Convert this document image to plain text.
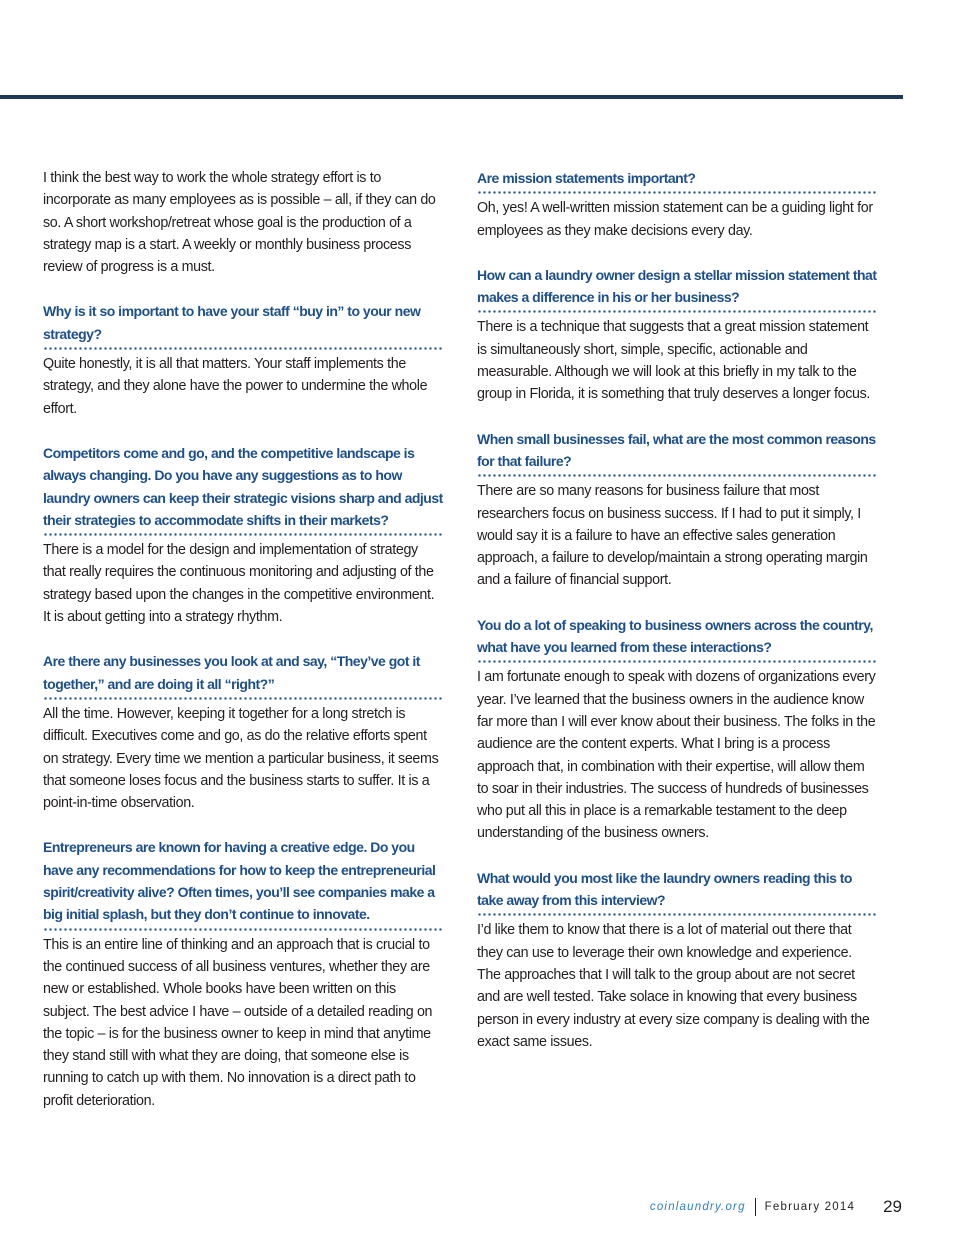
I think the best way to work the whole strategy effort is to incorporate as many employees as is possible – all, if they can do so. A short workshop/retreat whose goal is the production of a strategy map is a start. A weekly or monthly business process review of progress is a must.

Why is it so important to have your staff “buy in” to your new strategy?

Quite honestly, it is all that matters. Your staff implements the strategy, and they alone have the power to undermine the whole effort.

Competitors come and go, and the competitive landscape is always changing. Do you have any suggestions as to how laundry owners can keep their strategic visions sharp and adjust their strategies to accommodate shifts in their markets?

There is a model for the design and implementation of strategy that really requires the continuous monitoring and adjusting of the strategy based upon the changes in the competitive environment. It is about getting into a strategy rhythm.

Are there any businesses you look at and say, “They’ve got it together,” and are doing it all “right?”

All the time. However, keeping it together for a long stretch is difficult. Executives come and go, as do the relative efforts spent on strategy. Every time we mention a particular business, it seems that someone loses focus and the business starts to suffer. It is a point-in-time observation.

Entrepreneurs are known for having a creative edge. Do you have any recommendations for how to keep the entrepreneurial spirit/creativity alive? Often times, you’ll see companies make a big initial splash, but they don’t continue to innovate.

This is an entire line of thinking and an approach that is crucial to the continued success of all business ventures, whether they are new or established. Whole books have been written on this subject. The best advice I have – outside of a detailed reading on the topic – is for the business owner to keep in mind that anytime they stand still with what they are doing, that someone else is running to catch up with them. No innovation is a direct path to profit deterioration.

Are mission statements important?

Oh, yes! A well-written mission statement can be a guiding light for employees as they make decisions every day.

How can a laundry owner design a stellar mission statement that makes a difference in his or her business?

There is a technique that suggests that a great mission statement is simultaneously short, simple, specific, actionable and measurable. Although we will look at this briefly in my talk to the group in Florida, it is something that truly deserves a longer focus.

When small businesses fail, what are the most common reasons for that failure?

There are so many reasons for business failure that most researchers focus on business success. If I had to put it simply, I would say it is a failure to have an effective sales generation approach, a failure to develop/maintain a strong operating margin and a failure of financial support.

You do a lot of speaking to business owners across the country, what have you learned from these interactions?

I am fortunate enough to speak with dozens of organizations every year. I’ve learned that the business owners in the audience know far more than I will ever know about their business. The folks in the audience are the content experts. What I bring is a process approach that, in combination with their expertise, will allow them to soar in their industries. The success of hundreds of businesses who put all this in place is a remarkable testament to the deep understanding of the business owners.

What would you most like the laundry owners reading this to take away from this interview?

I’d like them to know that there is a lot of material out there that they can use to leverage their own knowledge and experience. The approaches that I will talk to the group about are not secret and are well tested. Take solace in knowing that every business person in every industry at every size company is dealing with the exact same issues.

coinlaundry.org February 2014 29
